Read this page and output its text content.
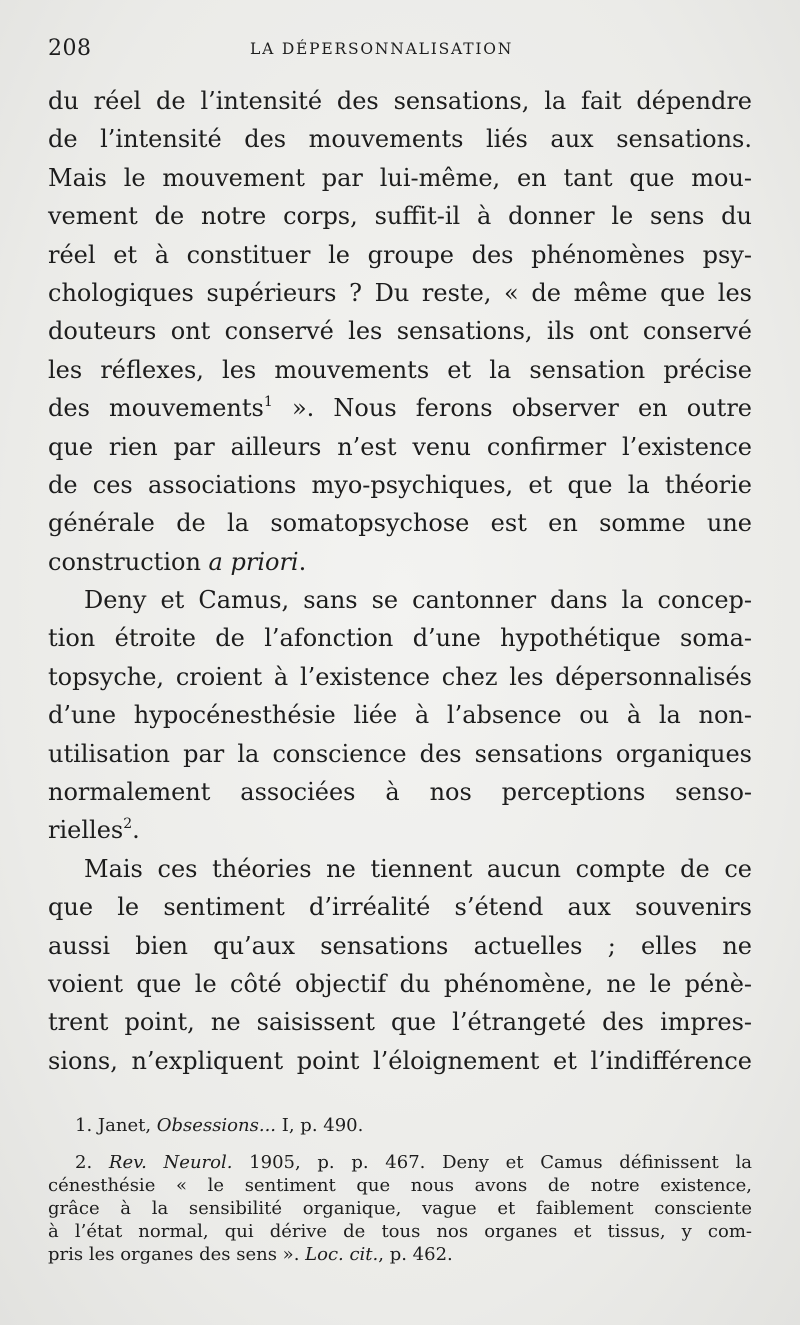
208	LA DÉPERSONNALISATION
du réel de l’intensité des sensations, la fait dépendre
de l’intensité des mouvements liés aux sensations.
Mais le mouvement par lui-même, en tant que mou-
vement de notre corps, suffit-il à donner le sens du
réel et à constituer le groupe des phénomènes psy-
chologiques supérieurs ? Du reste, « de même que les
douteurs ont conservé les sensations, ils ont conservé
les réflexes, les mouvements et la sensation précise
des mouvements$^1$ ». Nous ferons observer en outre
que rien par ailleurs n’est venu confirmer l’existence
de ces associations myo-psychiques, et que la théorie
générale de la somatopsychose est en somme une
construction a priori.
Deny et Camus, sans se cantonner dans la concep-
tion étroite de l’afonction d’une hypothétique soma-
topsyche, croient à l’existence chez les dépersonnalisés
d’une hypocénesthésie liée à l’absence ou à la non-
utilisation par la conscience des sensations organiques
normalement associées à nos perceptions senso-
rielles$^2$.
Mais ces théories ne tiennent aucun compte de ce
que le sentiment d’irréalité s’étend aux souvenirs
aussi bien qu’aux sensations actuelles ; elles ne
voient que le côté objectif du phénomène, ne le pénè-
trent point, ne saisissent que l’étrangeté des impres-
sions, n’expliquent point l’éloignement et l’indifférence

1. Janet, Obsessions... I, p. 490.

2. Rev. Neurol. 1905, p. p. 467. Deny et Camus définissent la
cénesthésie « le sentiment que nous avons de notre existence,
grâce à la sensibilité organique, vague et faiblement consciente
à l’état normal, qui dérive de tous nos organes et tissus, y com-
pris les organes des sens ». Loc. cit., p. 462.
